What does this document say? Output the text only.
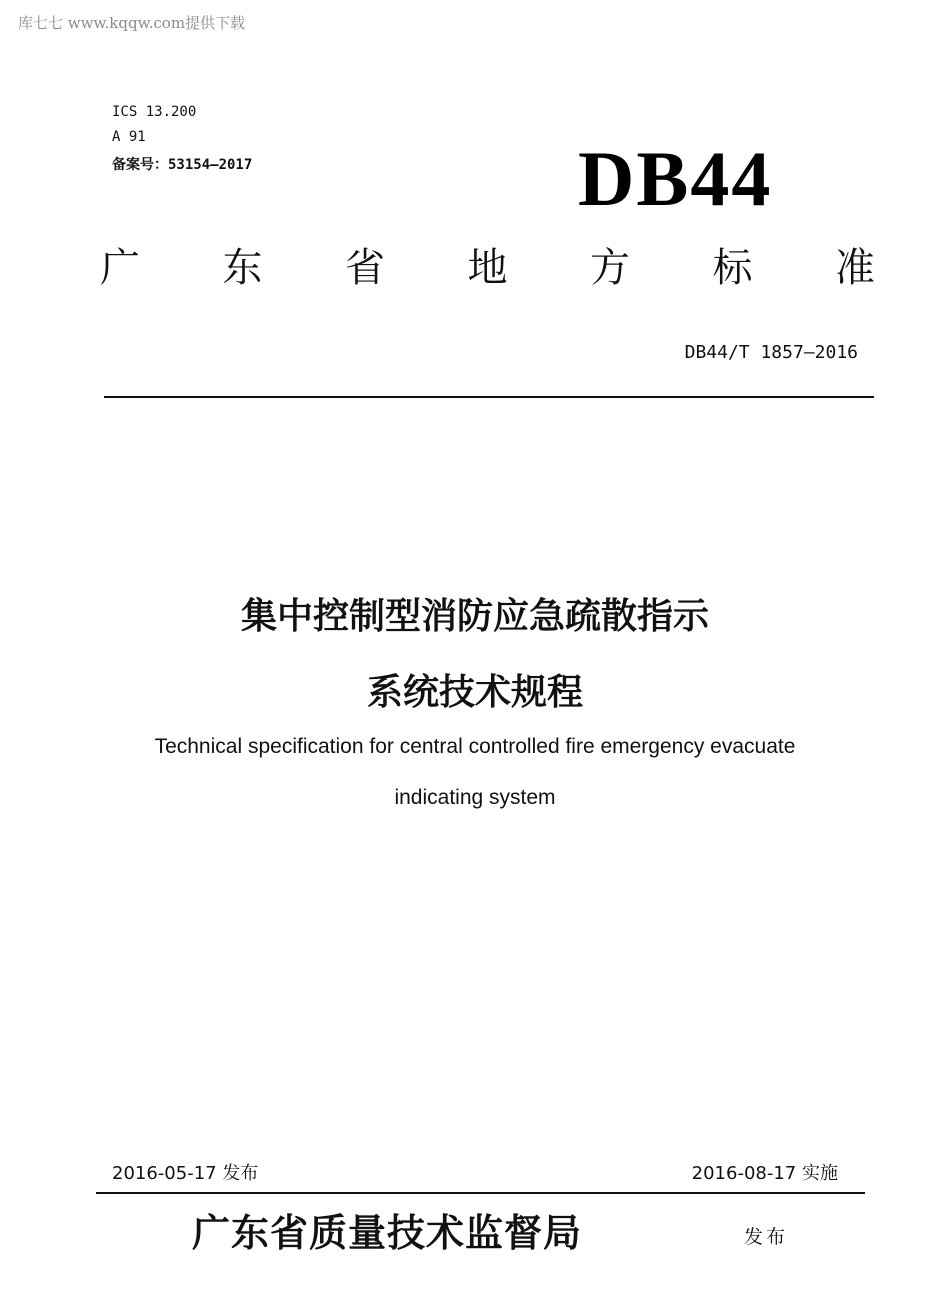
库七七 www.kqqw.com提供下载
ICS 13.200
A 91
备案号：53154—2017	DB44
广 东 省 地 方 标 准
DB44/T 1857—2016
集中控制型消防应急疏散指示
系统技术规程
Technical specification for central controlled fire emergency evacuate
indicating system
2016-05-17 发布	2016-08-17 实施
广东省质量技术监督局	发布
